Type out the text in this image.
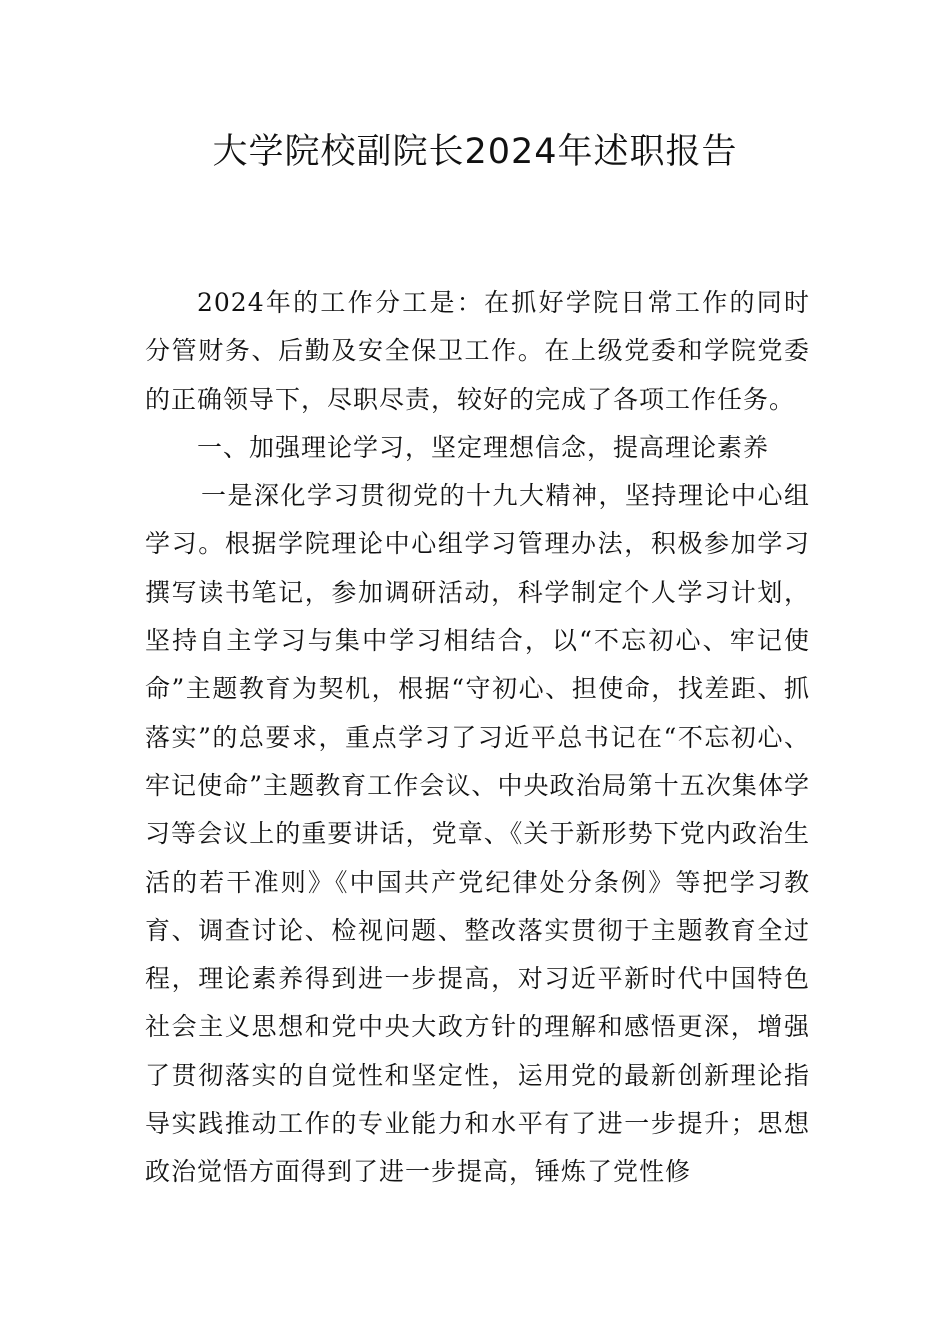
大学院校副院长2024年述职报告

2024年的工作分工是：在抓好学院日常工作的同时分管财务、后勤及安全保卫工作。在上级党委和学院党委的正确领导下，尽职尽责，较好的完成了各项工作任务。

一、加强理论学习，坚定理想信念，提高理论素养

一是深化学习贯彻党的十九大精神，坚持理论中心组学习。根据学院理论中心组学习管理办法，积极参加学习撰写读书笔记，参加调研活动，科学制定个人学习计划，坚持自主学习与集中学习相结合，以“不忘初心、牢记使命”主题教育为契机，根据“守初心、担使命，找差距、抓落实”的总要求，重点学习了习近平总书记在“不忘初心、牢记使命”主题教育工作会议、中央政治局第十五次集体学习等会议上的重要讲话，党章、《关于新形势下党内政治生活的若干准则》《中国共产党纪律处分条例》等把学习教育、调查讨论、检视问题、整改落实贯彻于主题教育全过程，理论素养得到进一步提高，对习近平新时代中国特色社会主义思想和党中央大政方针的理解和感悟更深，增强了贯彻落实的自觉性和坚定性，运用党的最新创新理论指导实践推动工作的专业能力和水平有了进一步提升；思想政治觉悟方面得到了进一步提高，锤炼了党性修
